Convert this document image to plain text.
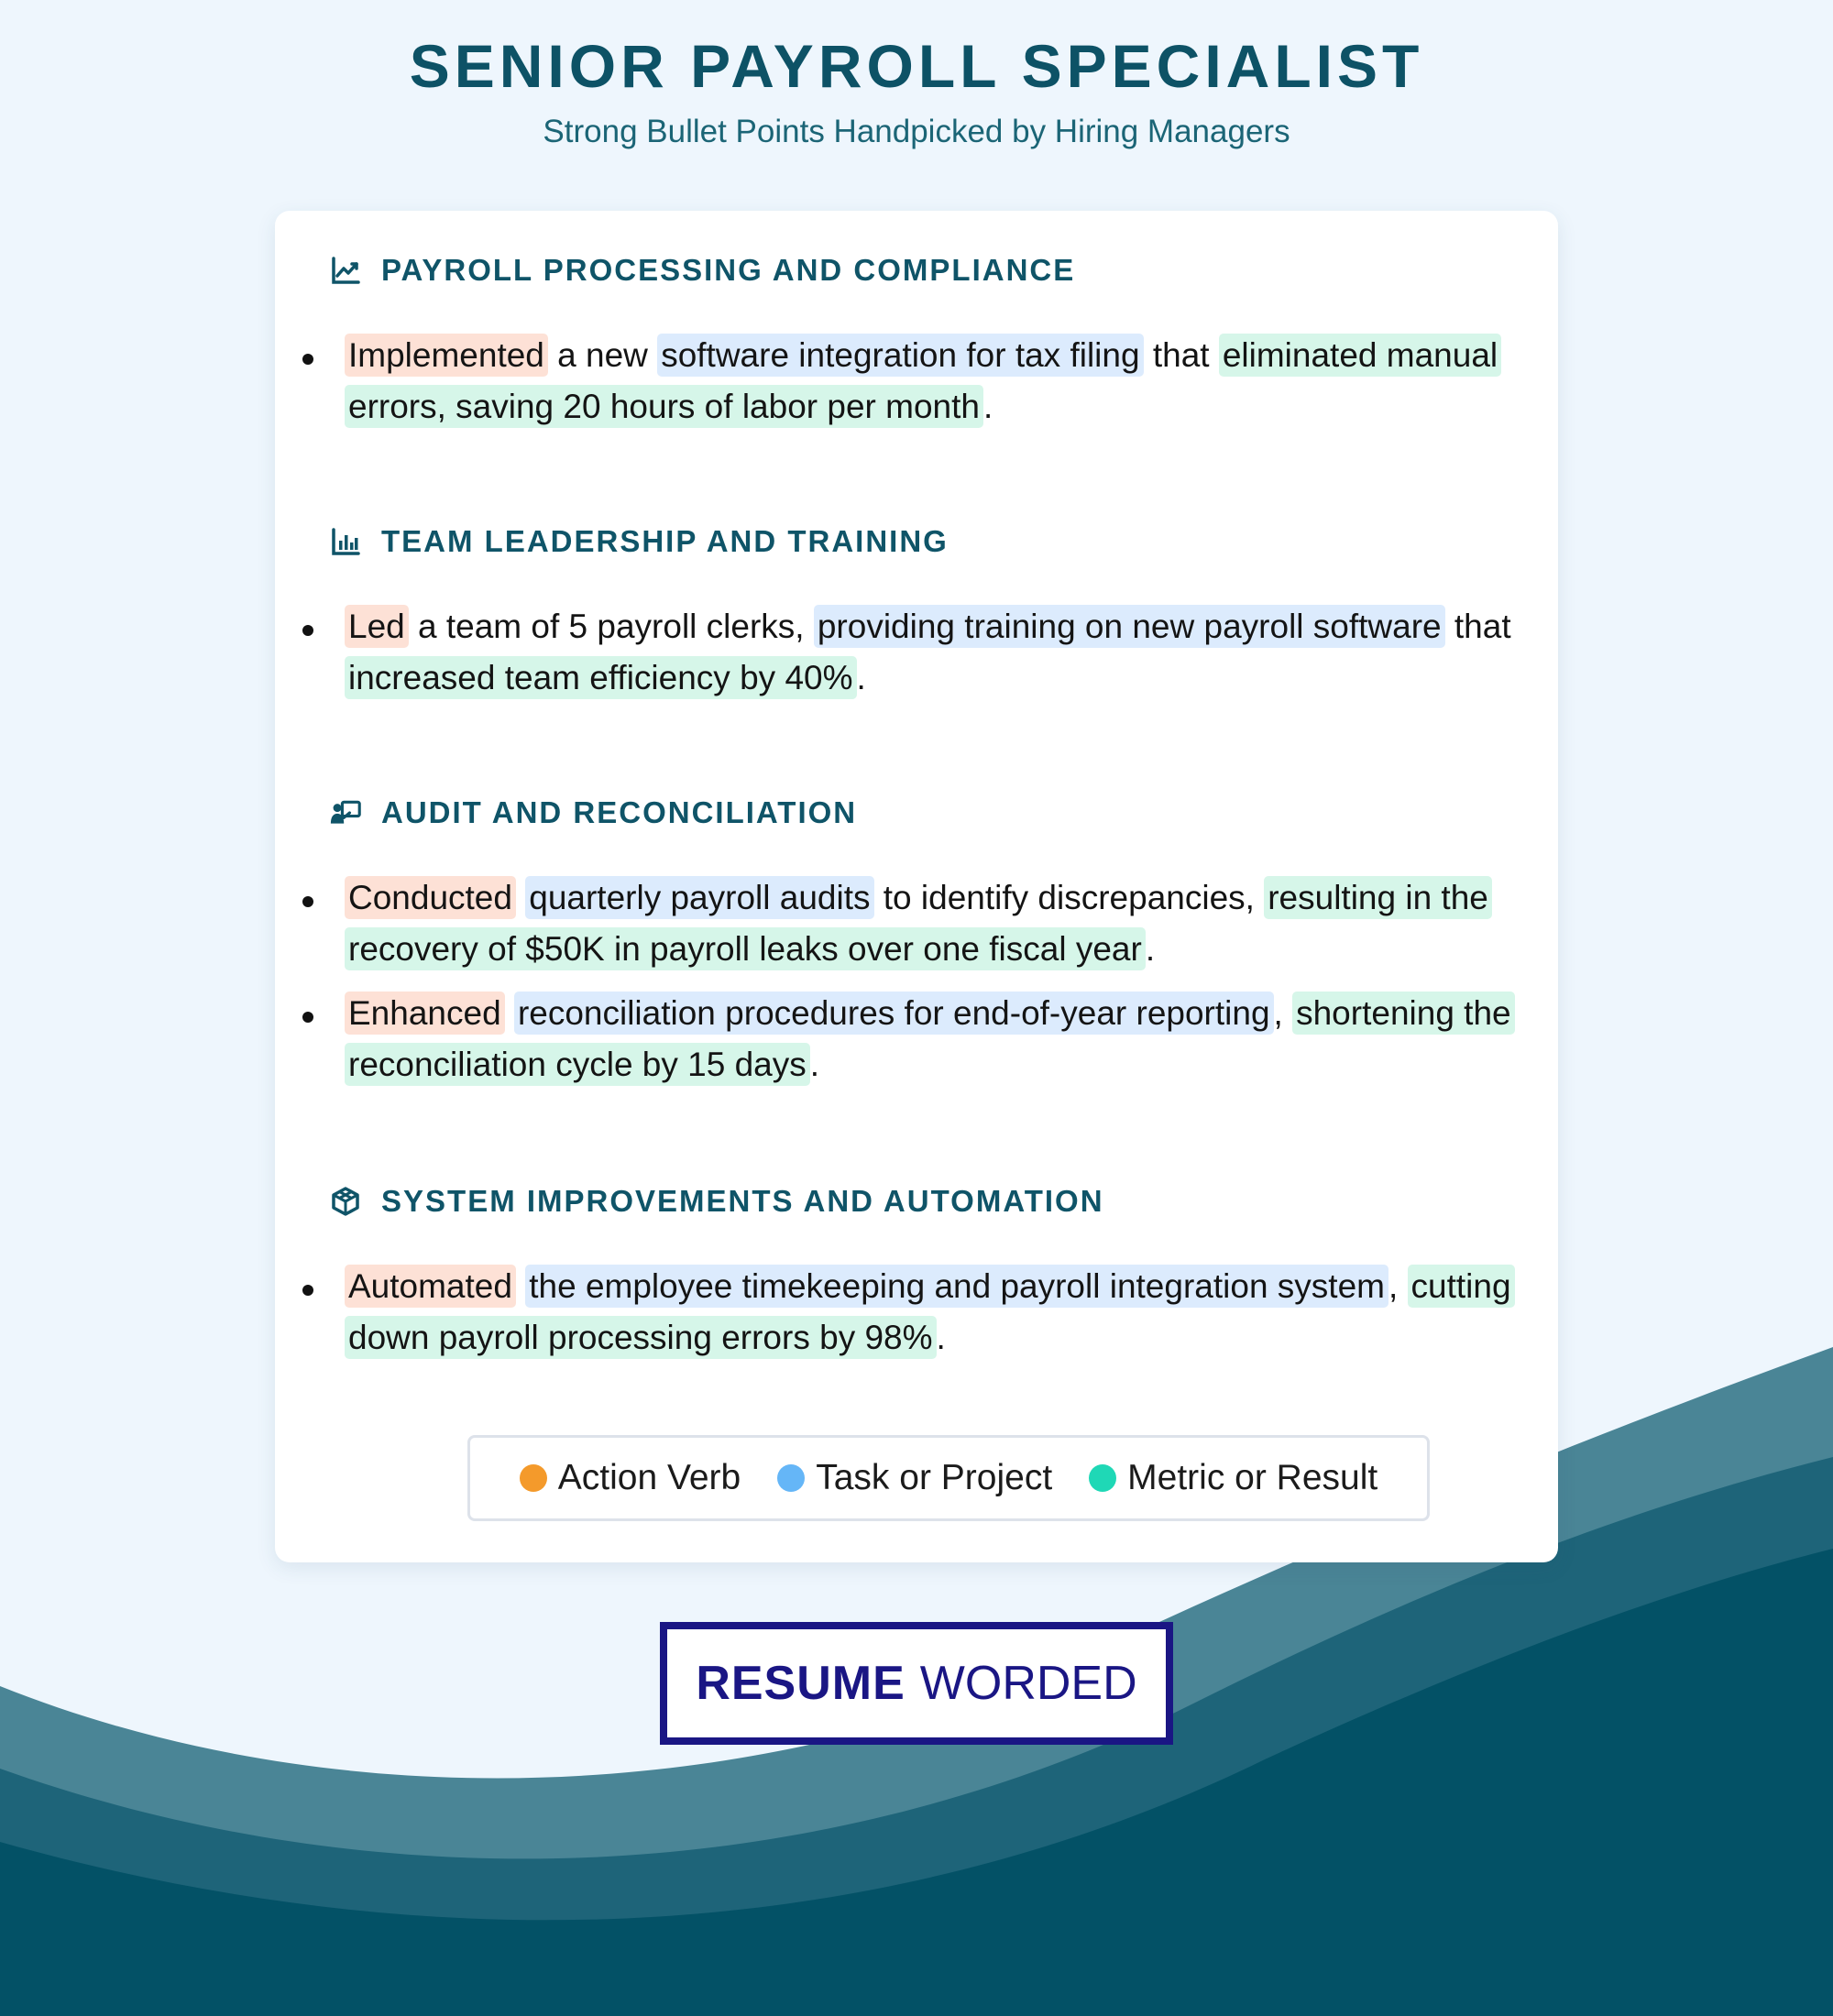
SENIOR PAYROLL SPECIALIST
Strong Bullet Points Handpicked by Hiring Managers
PAYROLL PROCESSING AND COMPLIANCE
Implemented a new software integration for tax filing that eliminated manual errors, saving 20 hours of labor per month .
TEAM LEADERSHIP AND TRAINING
Led a team of 5 payroll clerks, providing training on new payroll software that increased team efficiency by 40% .
AUDIT AND RECONCILIATION
Conducted quarterly payroll audits to identify discrepancies, resulting in the recovery of $50K in payroll leaks over one fiscal year .
Enhanced reconciliation procedures for end-of-year reporting , shortening the reconciliation cycle by 15 days .
SYSTEM IMPROVEMENTS AND AUTOMATION
Automated the employee timekeeping and payroll integration system , cutting down payroll processing errors by 98% .
Action Verb Task or Project Metric or Result
RESUME WORDED
